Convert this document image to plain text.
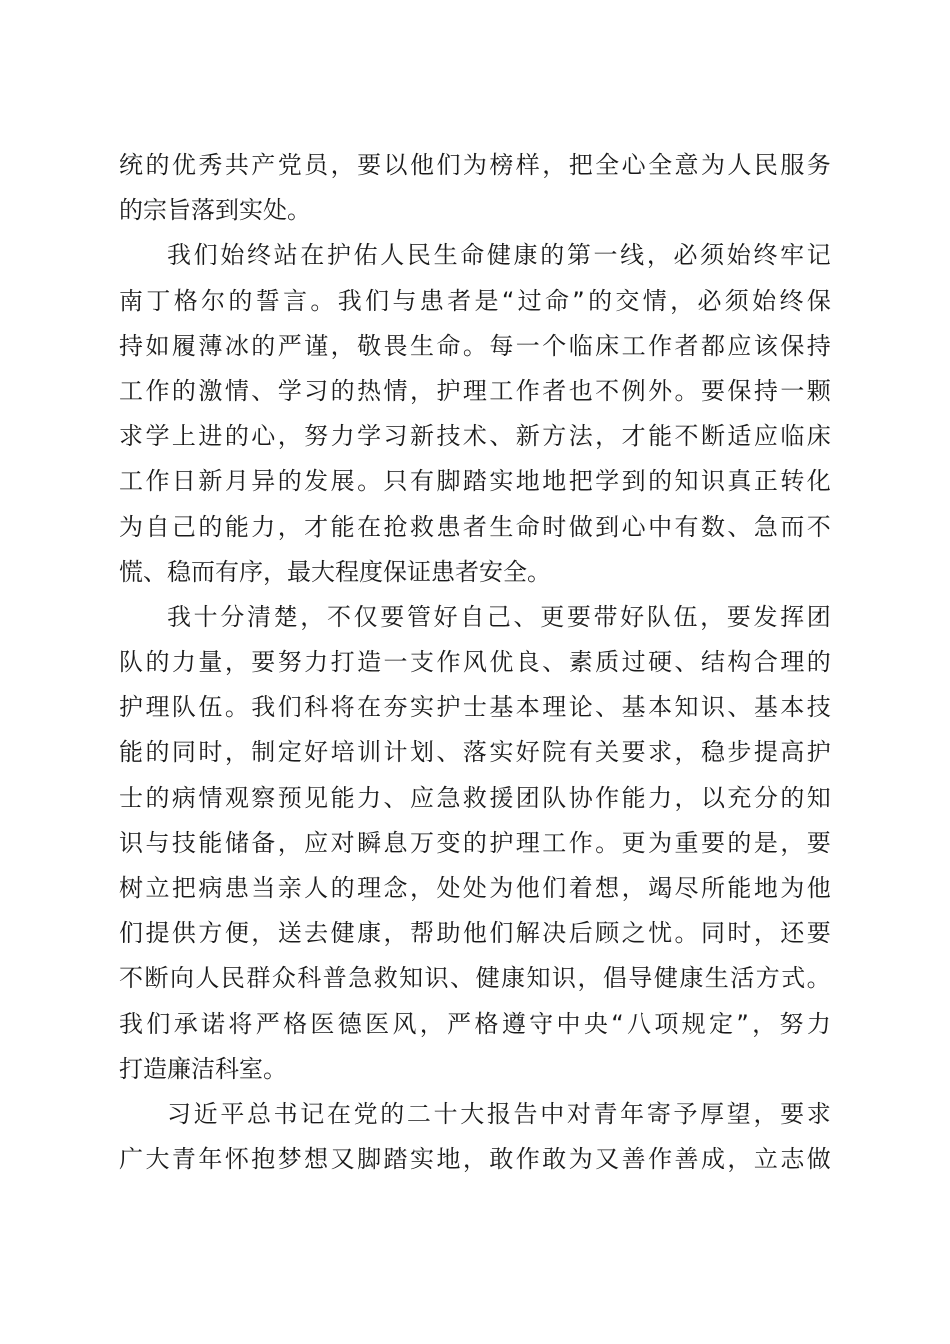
统 的 优 秀 共 产 党 员 ， 要 以 他 们 为 榜 样 ， 把 全 心 全 意 为 人 民 服 务
的宗旨落到实处。
我 们 始 终 站 在 护 佑 人 民 生 命 健 康 的 第 一 线 ， 必 须 始 终 牢 记
南 丁 格 尔 的 誓 言 。 我 们 与 患 者 是 “ 过 命 ” 的 交 情 ， 必 须 始 终 保
持 如 履 薄 冰 的 严 谨 ， 敬 畏 生 命 。 每 一 个 临 床 工 作 者 都 应 该 保 持
工 作 的 激 情 、 学 习 的 热 情 ， 护 理 工 作 者 也 不 例 外 。 要 保 持 一 颗
求 学 上 进 的 心 ， 努 力 学 习 新 技 术 、 新 方 法 ， 才 能 不 断 适 应 临 床
工 作 日 新 月 异 的 发 展 。 只 有 脚 踏 实 地 地 把 学 到 的 知 识 真 正 转 化
为 自 己 的 能 力 ， 才 能 在 抢 救 患 者 生 命 时 做 到 心 中 有 数 、 急 而 不
慌、稳而有序，最大程度保证患者安全。
我 十 分 清 楚 ， 不 仅 要 管 好 自 己 、 更 要 带 好 队 伍 ， 要 发 挥 团
队 的 力 量 ， 要 努 力 打 造 一 支 作 风 优 良 、 素 质 过 硬 、 结 构 合 理 的
护 理 队 伍 。 我 们 科 将 在 夯 实 护 士 基 本 理 论 、 基 本 知 识 、 基 本 技
能 的 同 时 ， 制 定 好 培 训 计 划 、 落 实 好 院 有 关 要 求 ， 稳 步 提 高 护
士 的 病 情 观 察 预 见 能 力 、 应 急 救 援 团 队 协 作 能 力 ， 以 充 分 的 知
识 与 技 能 储 备 ， 应 对 瞬 息 万 变 的 护 理 工 作 。 更 为 重 要 的 是 ， 要
树 立 把 病 患 当 亲 人 的 理 念 ， 处 处 为 他 们 着 想 ， 竭 尽 所 能 地 为 他
们 提 供 方 便 ， 送 去 健 康 ， 帮 助 他 们 解 决 后 顾 之 忧 。 同 时 ， 还 要
不 断 向 人 民 群 众 科 普 急 救 知 识 、 健 康 知 识 ， 倡 导 健 康 生 活 方 式 。
我 们 承 诺 将 严 格 医 德 医 风 ， 严 格 遵 守 中 央 “ 八 项 规 定 ” ， 努 力
打造廉洁科室。
习 近 平 总 书 记 在 党 的 二 十 大 报 告 中 对 青 年 寄 予 厚 望 ， 要 求
广 大 青 年 怀 抱 梦 想 又 脚 踏 实 地 ， 敢 作 敢 为 又 善 作 善 成 ， 立 志 做
